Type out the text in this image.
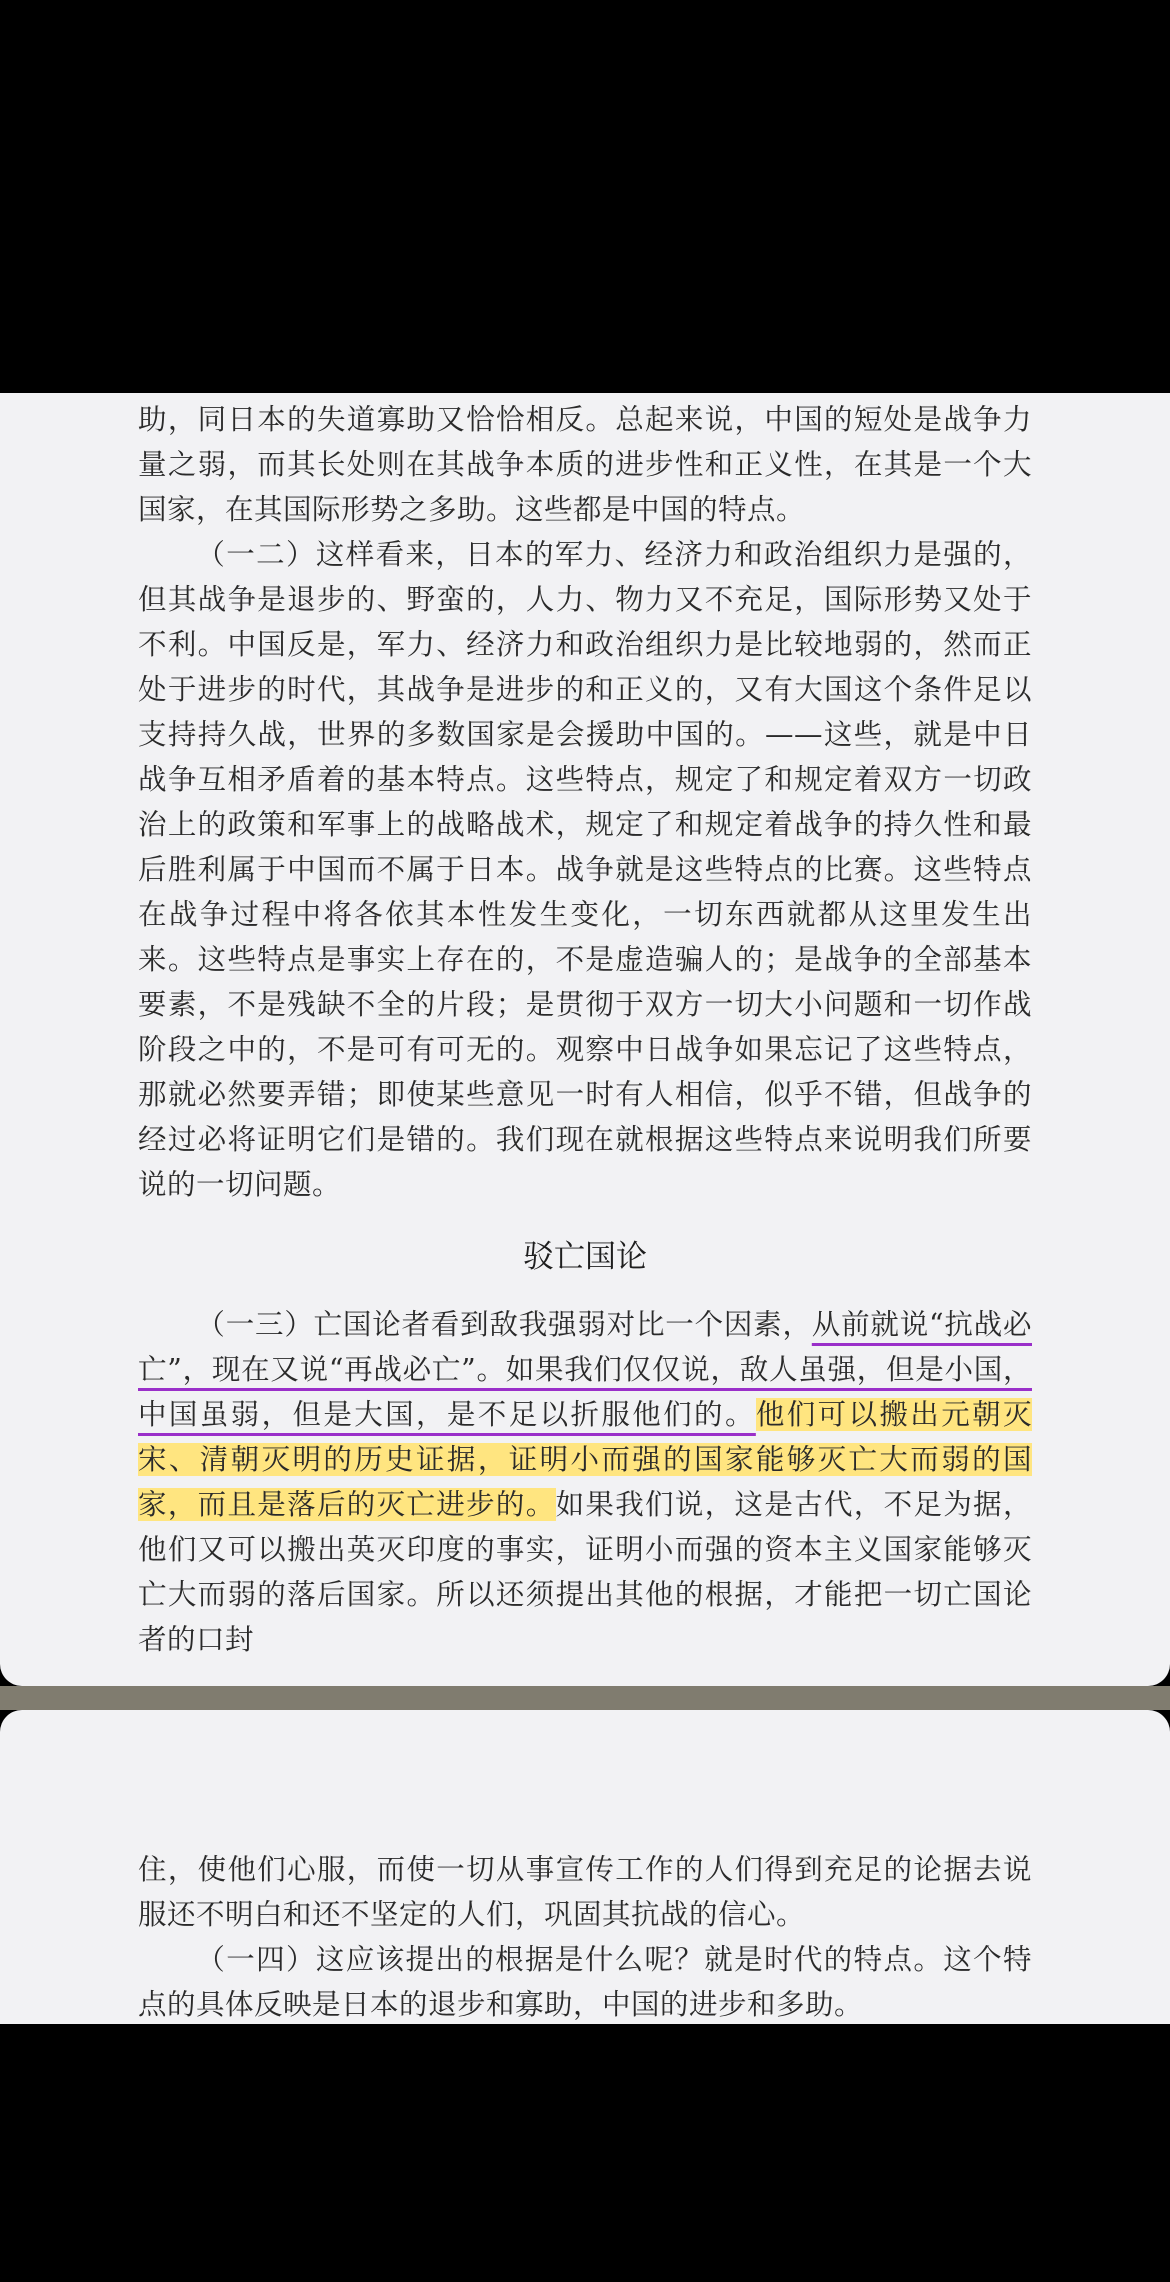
助，同日本的失道寡助又恰恰相反。总起来说，中国的短处是战争力量之弱，而其长处则在其战争本质的进步性和正义性，在其是一个大国家，在其国际形势之多助。这些都是中国的特点。

（一二）这样看来，日本的军力、经济力和政治组织力是强的，但其战争是退步的、野蛮的，人力、物力又不充足，国际形势又处于不利。中国反是，军力、经济力和政治组织力是比较地弱的，然而正处于进步的时代，其战争是进步的和正义的，又有大国这个条件足以支持持久战，世界的多数国家是会援助中国的。——这些，就是中日战争互相矛盾着的基本特点。这些特点，规定了和规定着双方一切政治上的政策和军事上的战略战术，规定了和规定着战争的持久性和最后胜利属于中国而不属于日本。战争就是这些特点的比赛。这些特点在战争过程中将各依其本性发生变化，一切东西就都从这里发生出来。这些特点是事实上存在的，不是虚造骗人的；是战争的全部基本要素，不是残缺不全的片段；是贯彻于双方一切大小问题和一切作战阶段之中的，不是可有可无的。观察中日战争如果忘记了这些特点，那就必然要弄错；即使某些意见一时有人相信，似乎不错，但战争的经过必将证明它们是错的。我们现在就根据这些特点来说明我们所要说的一切问题。

驳亡国论

（一三）亡国论者看到敌我强弱对比一个因素，从前就说“抗战必亡”，现在又说“再战必亡”。如果我们仅仅说，敌人虽强，但是小国，中国虽弱，但是大国，是不足以折服他们的。他们可以搬出元朝灭宋、清朝灭明的历史证据，证明小而强的国家能够灭亡大而弱的国家，而且是落后的灭亡进步的。如果我们说，这是古代，不足为据，他们又可以搬出英灭印度的事实，证明小而强的资本主义国家能够灭亡大而弱的落后国家。所以还须提出其他的根据，才能把一切亡国论者的口封

住，使他们心服，而使一切从事宣传工作的人们得到充足的论据去说服还不明白和还不坚定的人们，巩固其抗战的信心。

（一四）这应该提出的根据是什么呢？就是时代的特点。这个特点的具体反映是日本的退步和寡助，中国的进步和多助。
